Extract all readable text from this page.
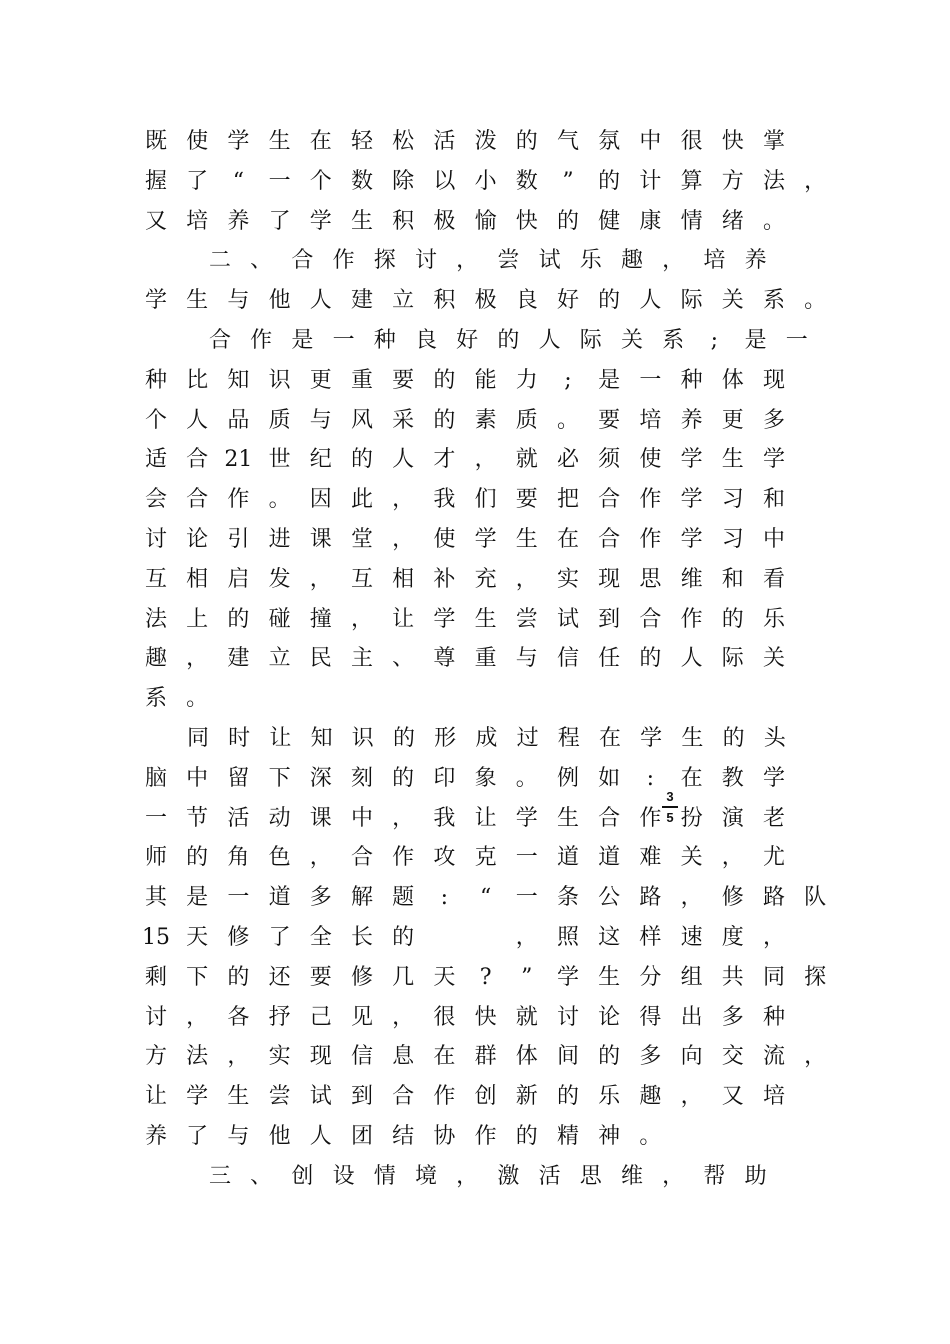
既 使 学 生 在 轻 松 活 泼 的 气 氛 中 很 快 掌
握 了	“	一 个 数 除 以 小 数	”	的 计 算 方 法 ，
又 培 养 了 学 生 积 极 愉 快 的 健 康 情 绪 。
二 、 合 作 探 讨 ， 尝 试 乐 趣 ， 培 养
学 生 与 他 人 建 立 积 极 良 好 的 人 际 关 系 。
合 作 是 一 种 良 好 的 人 际 关 系	;	是 一
种 比 知 识 更 重 要 的 能 力	;	是 一 种 体 现
个 人 品 质 与 风 采 的 素 质 。 要 培 养 更 多
适 合 21 世 纪 的 人 才 ， 就 必 须 使 学 生 学
会 合 作 。 因 此 ， 我 们 要 把 合 作 学 习 和
讨 论 引 进 课 堂 ， 使 学 生 在 合 作 学 习 中
互 相 启 发 ， 互 相 补 充 ， 实 现 思 维 和 看
法 上 的 碰 撞 ， 让 学 生 尝 试 到 合 作 的 乐
趣 ， 建 立 民 主 、 尊 重 与 信 任 的 人 际 关
系 。
同 时 让 知 识 的 形 成 过 程 在 学 生 的 头
脑 中 留 下 深 刻 的 印 象 。 例 如	:	在 教 学
一 节 活 动 课 中 ， 我 让 学 生 合 作 扮 演 老
师 的 角 色 ， 合 作 攻 克 一 道 道 难 关 ， 尤
其 是 一 道 多 解 题	:	“	一 条 公 路 ， 修 路 队
15 天 修 了 全 长 的

　	， 照 这 样 速 度 ，
剩 下 的 还 要 修 几 天	?	”	学 生 分 组 共 同 探
讨 ， 各 抒 己 见 ， 很 快 就 讨 论 得 出 多 种
方 法 ， 实 现 信 息 在 群 体 间 的 多 向 交 流 ，
让 学 生 尝 试 到 合 作 创 新 的 乐 趣 ， 又 培
养 了 与 他 人 团 结 协 作 的 精 神 。
三 、 创 设 情 境 ， 激 活 思 维 ， 帮 助
3
5
